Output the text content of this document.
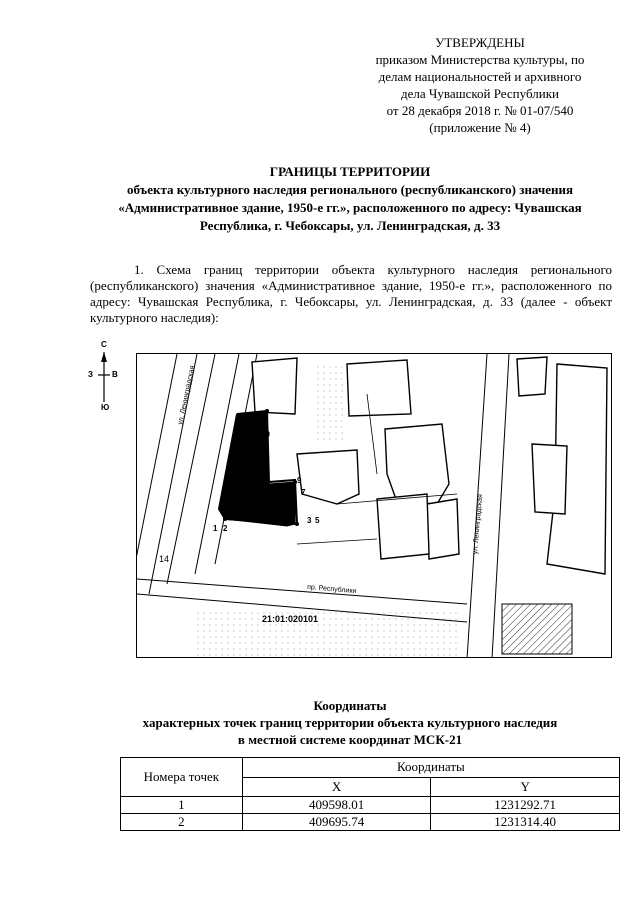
УТВЕРЖДЕНЫ
приказом Министерства культуры, по
делам национальностей и архивного
дела Чувашской Республики
от 28 декабря 2018 г. № 01-07/540
(приложение № 4)
ГРАНИЦЫ ТЕРРИТОРИИ
объекта культурного наследия регионального (республиканского) значения
«Административное здание, 1950-е гг.», расположенного по адресу: Чувашская
Республика, г. Чебоксары, ул. Ленинградская, д. 33
1. Схема границ территории объекта культурного наследия регионального (республиканского) значения «Административное здание, 1950-е гг.», расположенного по адресу: Чувашская Республика, г. Чебоксары, ул. Ленинградская, д. 33 (далее - объект культурного наследия):
С
З В
Ю
10
9
7
3 5
1 2
14
ул. Ленинградская
пр. Республики
ул. Ленинградская
21:01:020101
Координаты
характерных точек границ территории объекта культурного наследия
в местной системе координат МСК-21
Номера точек	Координаты	
	X	Y
1	409598.01	1231292.71
2	409695.74	1231314.40
